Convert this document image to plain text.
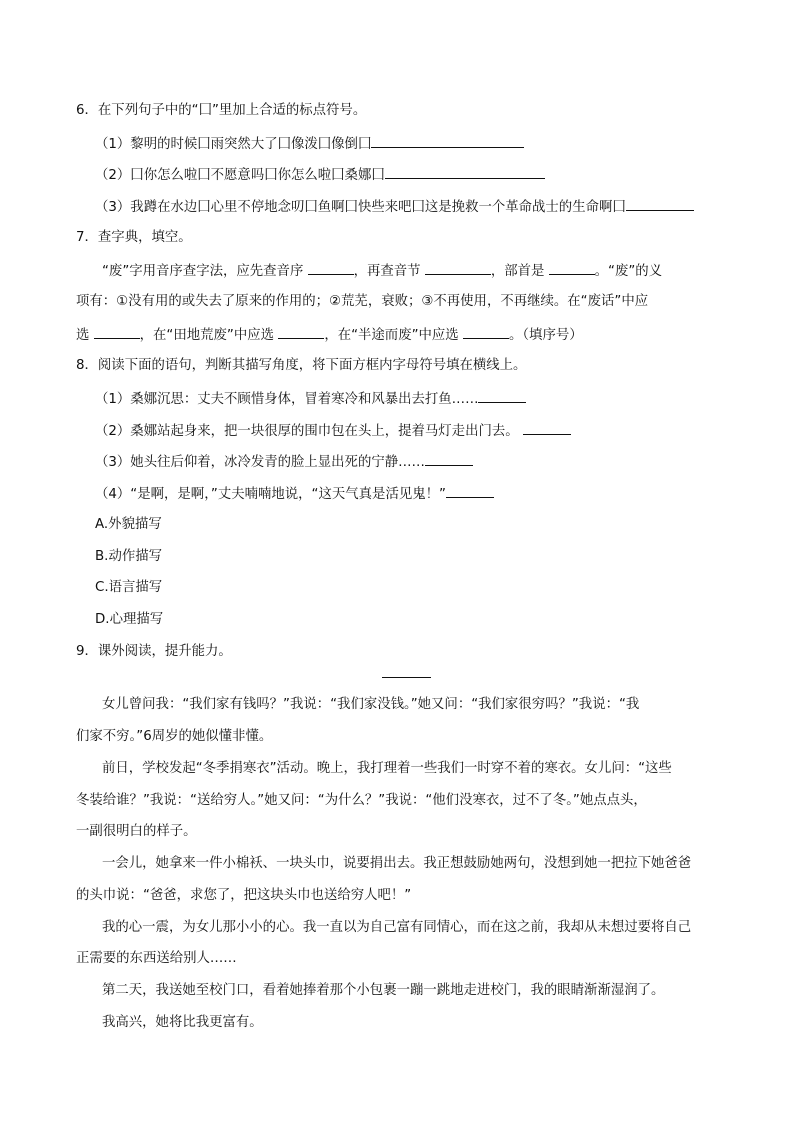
6．在下列句子中的“囗”里加上合适的标点符号。
（1）黎明的时候囗雨突然大了囗像泼囗像倒囗
（2）囗你怎么啦囗不愿意吗囗你怎么啦囗桑娜囗
（3）我蹲在水边囗心里不停地念叨囗鱼啊囗快些来吧囗这是挽救一个革命战士的生命啊囗
7．查字典，填空。
“废”字用音序查字法，应先查音序	，再查音节	，部首是	。“废”的义
项有：①没有用的或失去了原来的作用的；②荒芜，衰败；③不再使用，不再继续。在“废话”中应
选	，在“田地荒废”中应选	，在“半途而废”中应选	。（填序号）
8．阅读下面的语句，判断其描写角度，将下面方框内字母符号填在横线上。
（1）桑娜沉思：丈夫不顾惜身体，冒着寒冷和风暴出去打鱼……
（2）桑娜站起身来，把一块很厚的围巾包在头上，提着马灯走出门去。
（3）她头往后仰着，冰冷发青的脸上显出死的宁静……
（4）“是啊，是啊，”丈夫喃喃地说，“这天气真是活见鬼！”
A.外貌描写
B.动作描写
C.语言描写
D.心理描写
9．课外阅读，提升能力。
女儿曾问我：“我们家有钱吗？”我说：“我们家没钱。”她又问：“我们家很穷吗？”我说：“我
们家不穷。”6周岁的她似懂非懂。
前日，学校发起“冬季捐寒衣”活动。晚上，我打理着一些我们一时穿不着的寒衣。女儿问：“这些
冬装给谁？”我说：“送给穷人。”她又问：“为什么？”我说：“他们没寒衣，过不了冬。”她点点头，
一副很明白的样子。
一会儿，她拿来一件小棉袄、一块头巾，说要捐出去。我正想鼓励她两句，没想到她一把拉下她爸爸
的头巾说：“爸爸，求您了，把这块头巾也送给穷人吧！”
我的心一震，为女儿那小小的心。我一直以为自己富有同情心，而在这之前，我却从未想过要将自己
正需要的东西送给别人……
第二天，我送她至校门口，看着她捧着那个小包裹一蹦一跳地走进校门，我的眼睛渐渐湿润了。
我高兴，她将比我更富有。
